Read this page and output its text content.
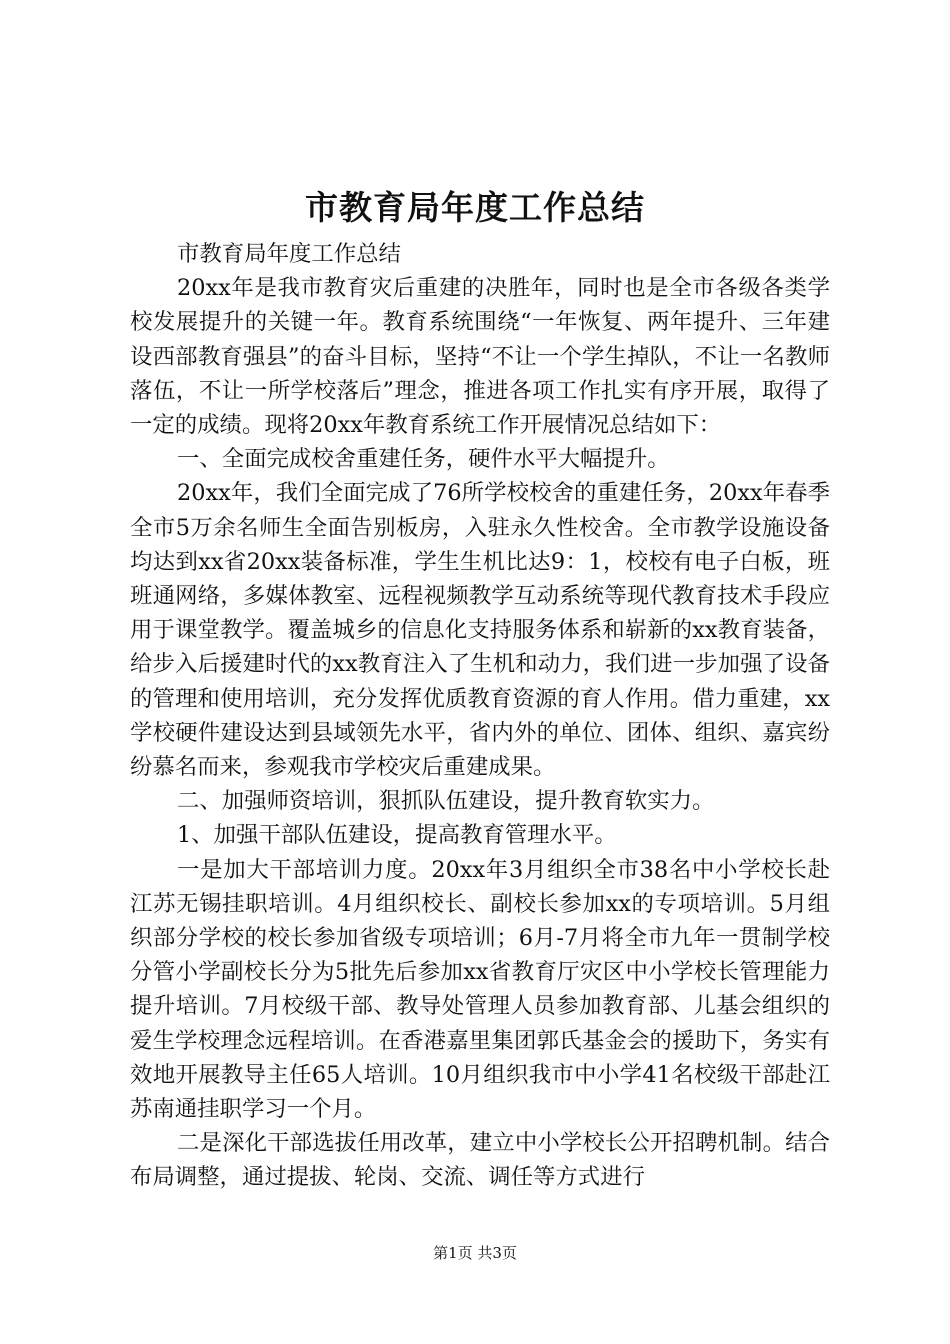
市教育局年度工作总结

市教育局年度工作总结

20xx年是我市教育灾后重建的决胜年，同时也是全市各级各类学校发展提升的关键一年。教育系统围绕“一年恢复、两年提升、三年建设西部教育强县”的奋斗目标，坚持“不让一个学生掉队，不让一名教师落伍，不让一所学校落后”理念，推进各项工作扎实有序开展，取得了一定的成绩。现将20xx年教育系统工作开展情况总结如下：

一、全面完成校舍重建任务，硬件水平大幅提升。

20xx年，我们全面完成了76所学校校舍的重建任务，20xx年春季全市5万余名师生全面告别板房，入驻永久性校舍。全市教学设施设备均达到xx省20xx装备标准，学生生机比达9：1，校校有电子白板，班班通网络，多媒体教室、远程视频教学互动系统等现代教育技术手段应用于课堂教学。覆盖城乡的信息化支持服务体系和崭新的xx教育装备，给步入后援建时代的xx教育注入了生机和动力，我们进一步加强了设备的管理和使用培训，充分发挥优质教育资源的育人作用。借力重建，xx学校硬件建设达到县域领先水平，省内外的单位、团体、组织、嘉宾纷纷慕名而来，参观我市学校灾后重建成果。

二、加强师资培训，狠抓队伍建设，提升教育软实力。

1、加强干部队伍建设，提高教育管理水平。

一是加大干部培训力度。20xx年3月组织全市38名中小学校长赴江苏无锡挂职培训。4月组织校长、副校长参加xx的专项培训。5月组织部分学校的校长参加省级专项培训；6月-7月将全市九年一贯制学校分管小学副校长分为5批先后参加xx省教育厅灾区中小学校长管理能力提升培训。7月校级干部、教导处管理人员参加教育部、儿基会组织的爱生学校理念远程培训。在香港嘉里集团郭氏基金会的援助下，务实有效地开展教导主任65人培训。10月组织我市中小学41名校级干部赴江苏南通挂职学习一个月。

二是深化干部选拔任用改革，建立中小学校长公开招聘机制。结合布局调整，通过提拔、轮岗、交流、调任等方式进行

第1页 共3页
